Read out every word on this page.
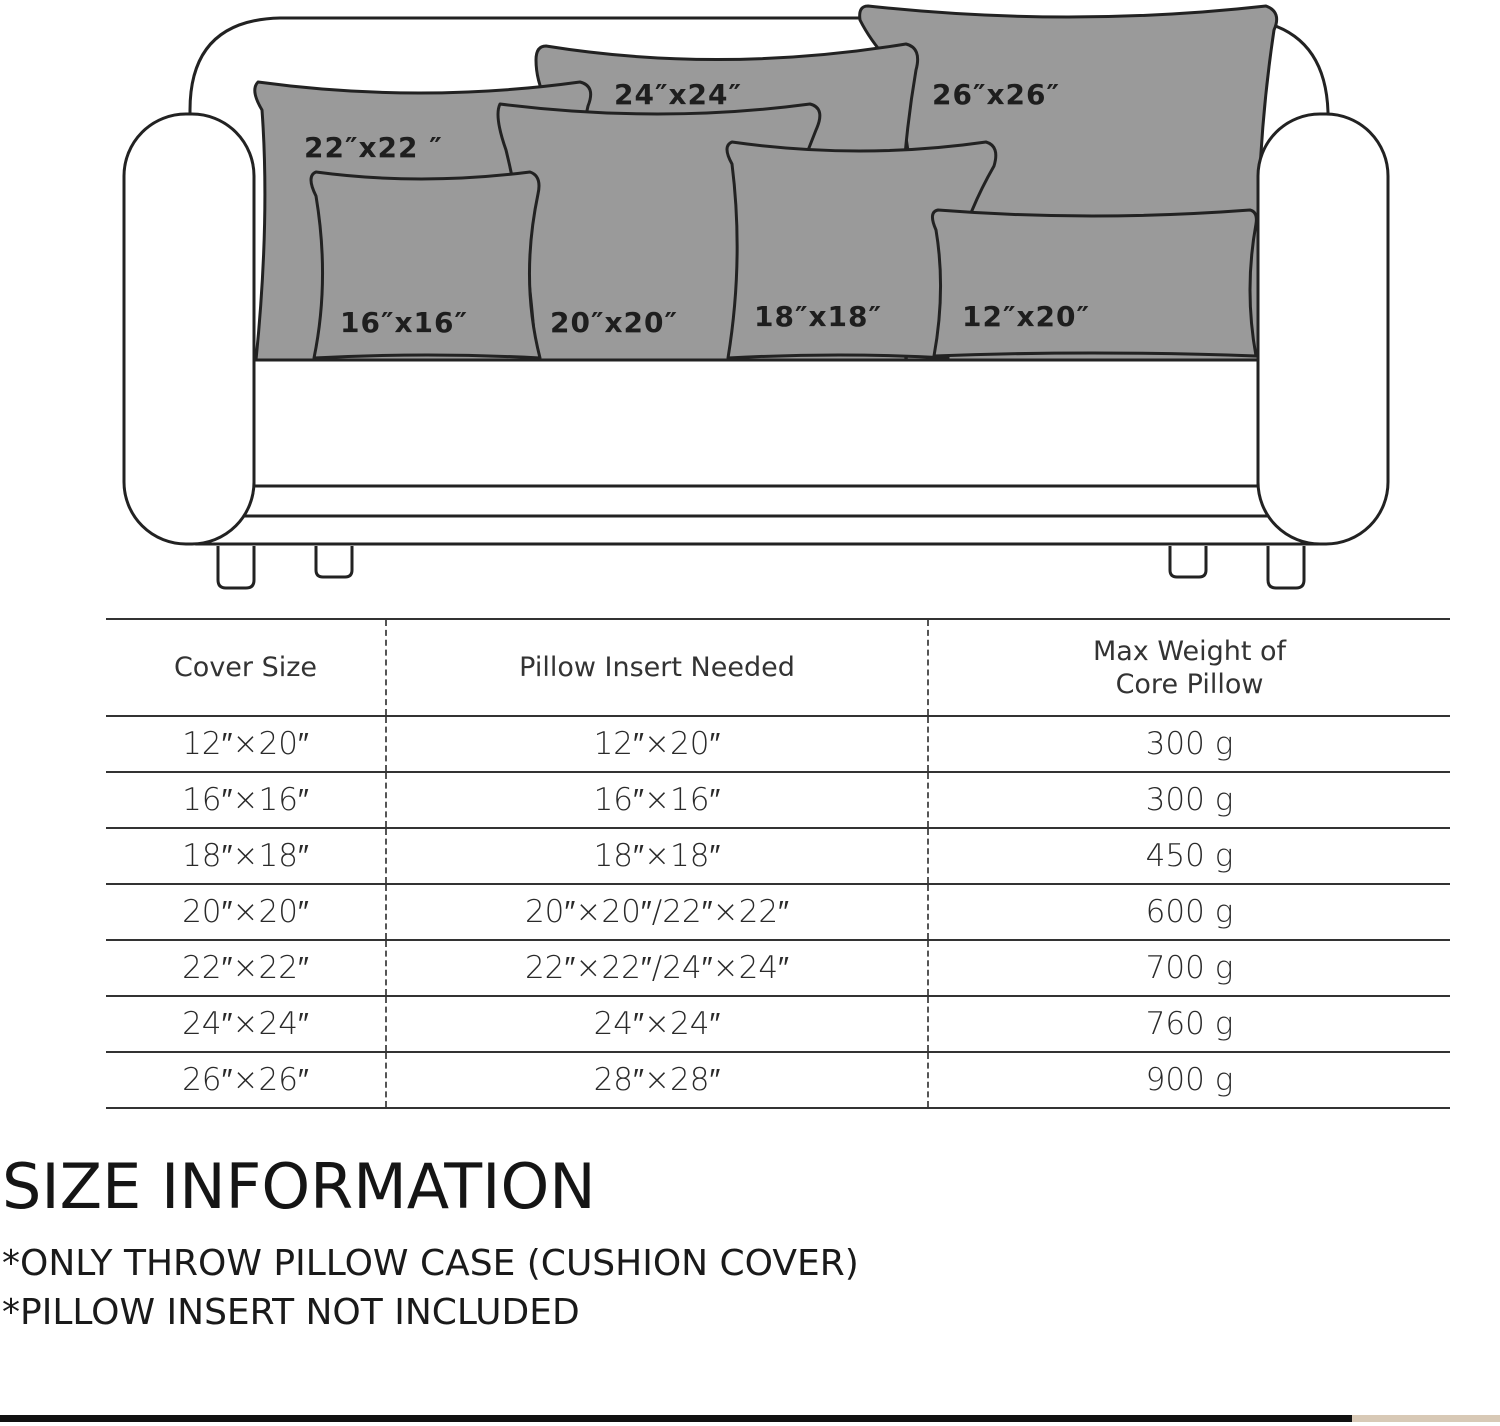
22″x22 ″
24″x24″	26″x26″
16″x16″	20″x20″	18″x18″	12″x20″
Cover Size	Pillow Insert Needed	Max Weight of
Core Pillow
12″×20″	12″×20″	300 g
16″×16″	16″×16″	300 g
18″×18″	18″×18″	450 g
20″×20″	20″×20″/22″×22″	600 g
22″×22″	22″×22″/24″×24″	700 g
24″×24″	24″×24″	760 g
26″×26″	28″×28″	900 g
SIZE INFORMATION

*ONLY THROW PILLOW CASE (CUSHION COVER)

*PILLOW INSERT NOT INCLUDED
